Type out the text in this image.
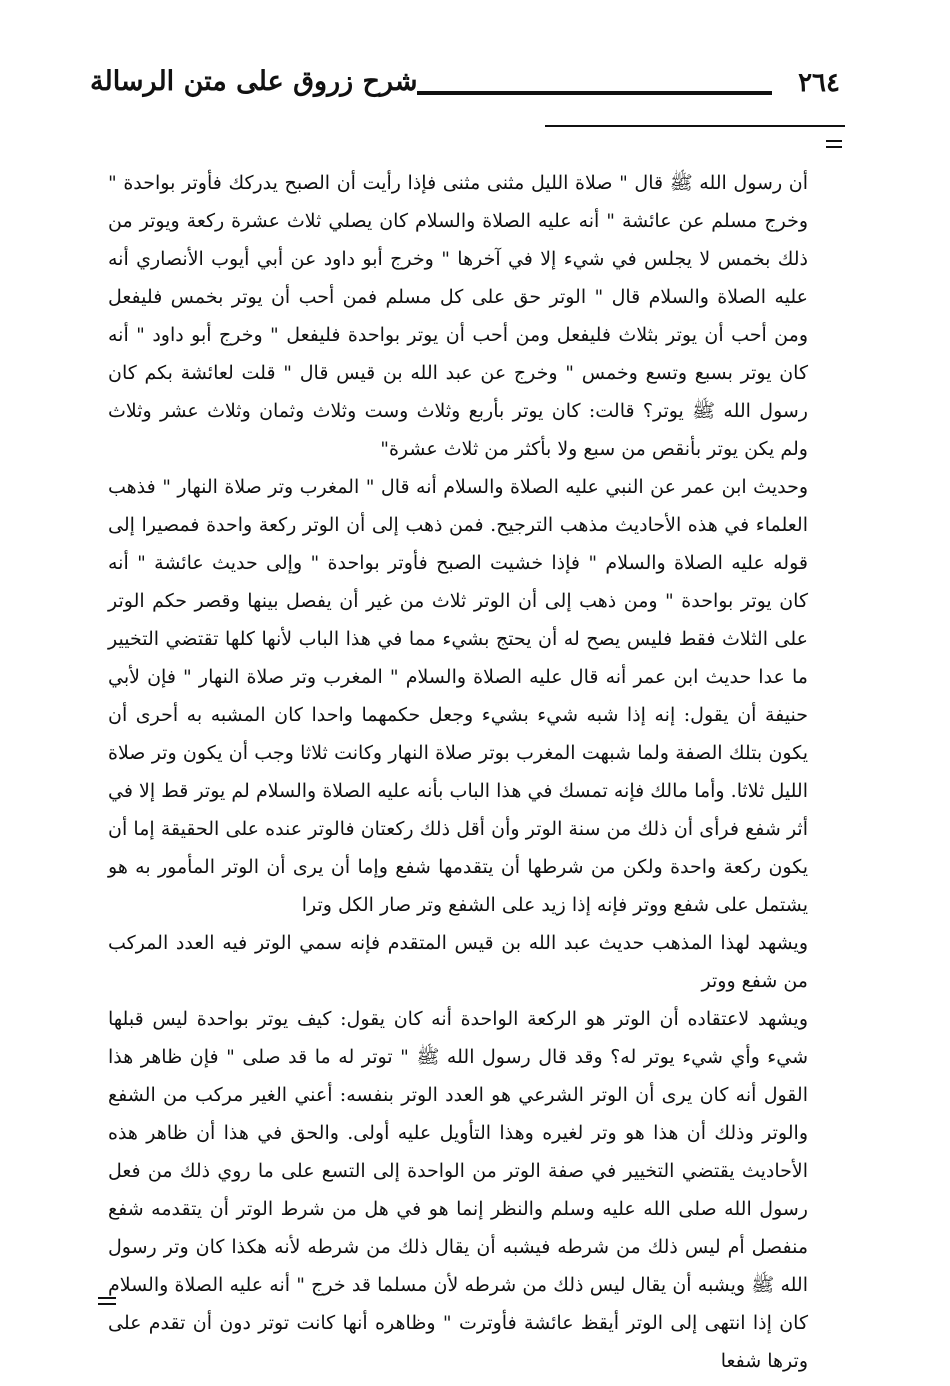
٢٦٤
شرح زروق على متن الرسالة

أن رسول الله ﷺ قال " صلاة الليل مثنى مثنى فإذا رأيت أن الصبح يدركك فأوتر بواحدة " وخرج مسلم عن عائشة " أنه عليه الصلاة والسلام كان يصلي ثلاث عشرة ركعة ويوتر من ذلك بخمس لا يجلس في شيء إلا في آخرها " وخرج أبو داود عن أبي أيوب الأنصاري أنه عليه الصلاة والسلام قال " الوتر حق على كل مسلم فمن أحب أن يوتر بخمس فليفعل ومن أحب أن يوتر بثلاث فليفعل ومن أحب أن يوتر بواحدة فليفعل " وخرج أبو داود " أنه كان يوتر بسبع وتسع وخمس " وخرج عن عبد الله بن قيس قال " قلت لعائشة بكم كان رسول الله ﷺ يوتر؟ قالت: كان يوتر بأربع وثلاث وست وثلاث وثمان وثلاث عشر وثلاث ولم يكن يوتر بأنقص من سبع ولا بأكثر من ثلاث عشرة"

وحديث ابن عمر عن النبي عليه الصلاة والسلام أنه قال " المغرب وتر صلاة النهار " فذهب العلماء في هذه الأحاديث مذهب الترجيح. فمن ذهب إلى أن الوتر ركعة واحدة فمصيرا إلى قوله عليه الصلاة والسلام " فإذا خشيت الصبح فأوتر بواحدة " وإلى حديث عائشة " أنه كان يوتر بواحدة " ومن ذهب إلى أن الوتر ثلاث من غير أن يفصل بينها وقصر حكم الوتر على الثلاث فقط فليس يصح له أن يحتج بشيء مما في هذا الباب لأنها كلها تقتضي التخيير ما عدا حديث ابن عمر أنه قال عليه الصلاة والسلام " المغرب وتر صلاة النهار " فإن لأبي حنيفة أن يقول: إنه إذا شبه شيء بشيء وجعل حكمهما واحدا كان المشبه به أحرى أن يكون بتلك الصفة ولما شبهت المغرب بوتر صلاة النهار وكانت ثلاثا وجب أن يكون وتر صلاة الليل ثلاثا. وأما مالك فإنه تمسك في هذا الباب بأنه عليه الصلاة والسلام لم يوتر قط إلا في أثر شفع فرأى أن ذلك من سنة الوتر وأن أقل ذلك ركعتان فالوتر عنده على الحقيقة إما أن يكون ركعة واحدة ولكن من شرطها أن يتقدمها شفع وإما أن يرى أن الوتر المأمور به هو يشتمل على شفع ووتر فإنه إذا زيد على الشفع وتر صار الكل وترا

ويشهد لهذا المذهب حديث عبد الله بن قيس المتقدم فإنه سمي الوتر فيه العدد المركب من شفع ووتر

ويشهد لاعتقاده أن الوتر هو الركعة الواحدة أنه كان يقول: كيف يوتر بواحدة ليس قبلها شيء وأي شيء يوتر له؟ وقد قال رسول الله ﷺ " توتر له ما قد صلى " فإن ظاهر هذا القول أنه كان يرى أن الوتر الشرعي هو العدد الوتر بنفسه: أعني الغير مركب من الشفع والوتر وذلك أن هذا هو وتر لغيره وهذا التأويل عليه أولى. والحق في هذا أن ظاهر هذه الأحاديث يقتضي التخيير في صفة الوتر من الواحدة إلى التسع على ما روي ذلك من فعل رسول الله صلى الله عليه وسلم والنظر إنما هو في هل من شرط الوتر أن يتقدمه شفع منفصل أم ليس ذلك من شرطه فيشبه أن يقال ذلك من شرطه لأنه هكذا كان وتر رسول الله ﷺ ويشبه أن يقال ليس ذلك من شرطه لأن مسلما قد خرج " أنه عليه الصلاة والسلام كان إذا انتهى إلى الوتر أيقظ عائشة فأوترت " وظاهره أنها كانت توتر دون أن تقدم على وترها شفعا
